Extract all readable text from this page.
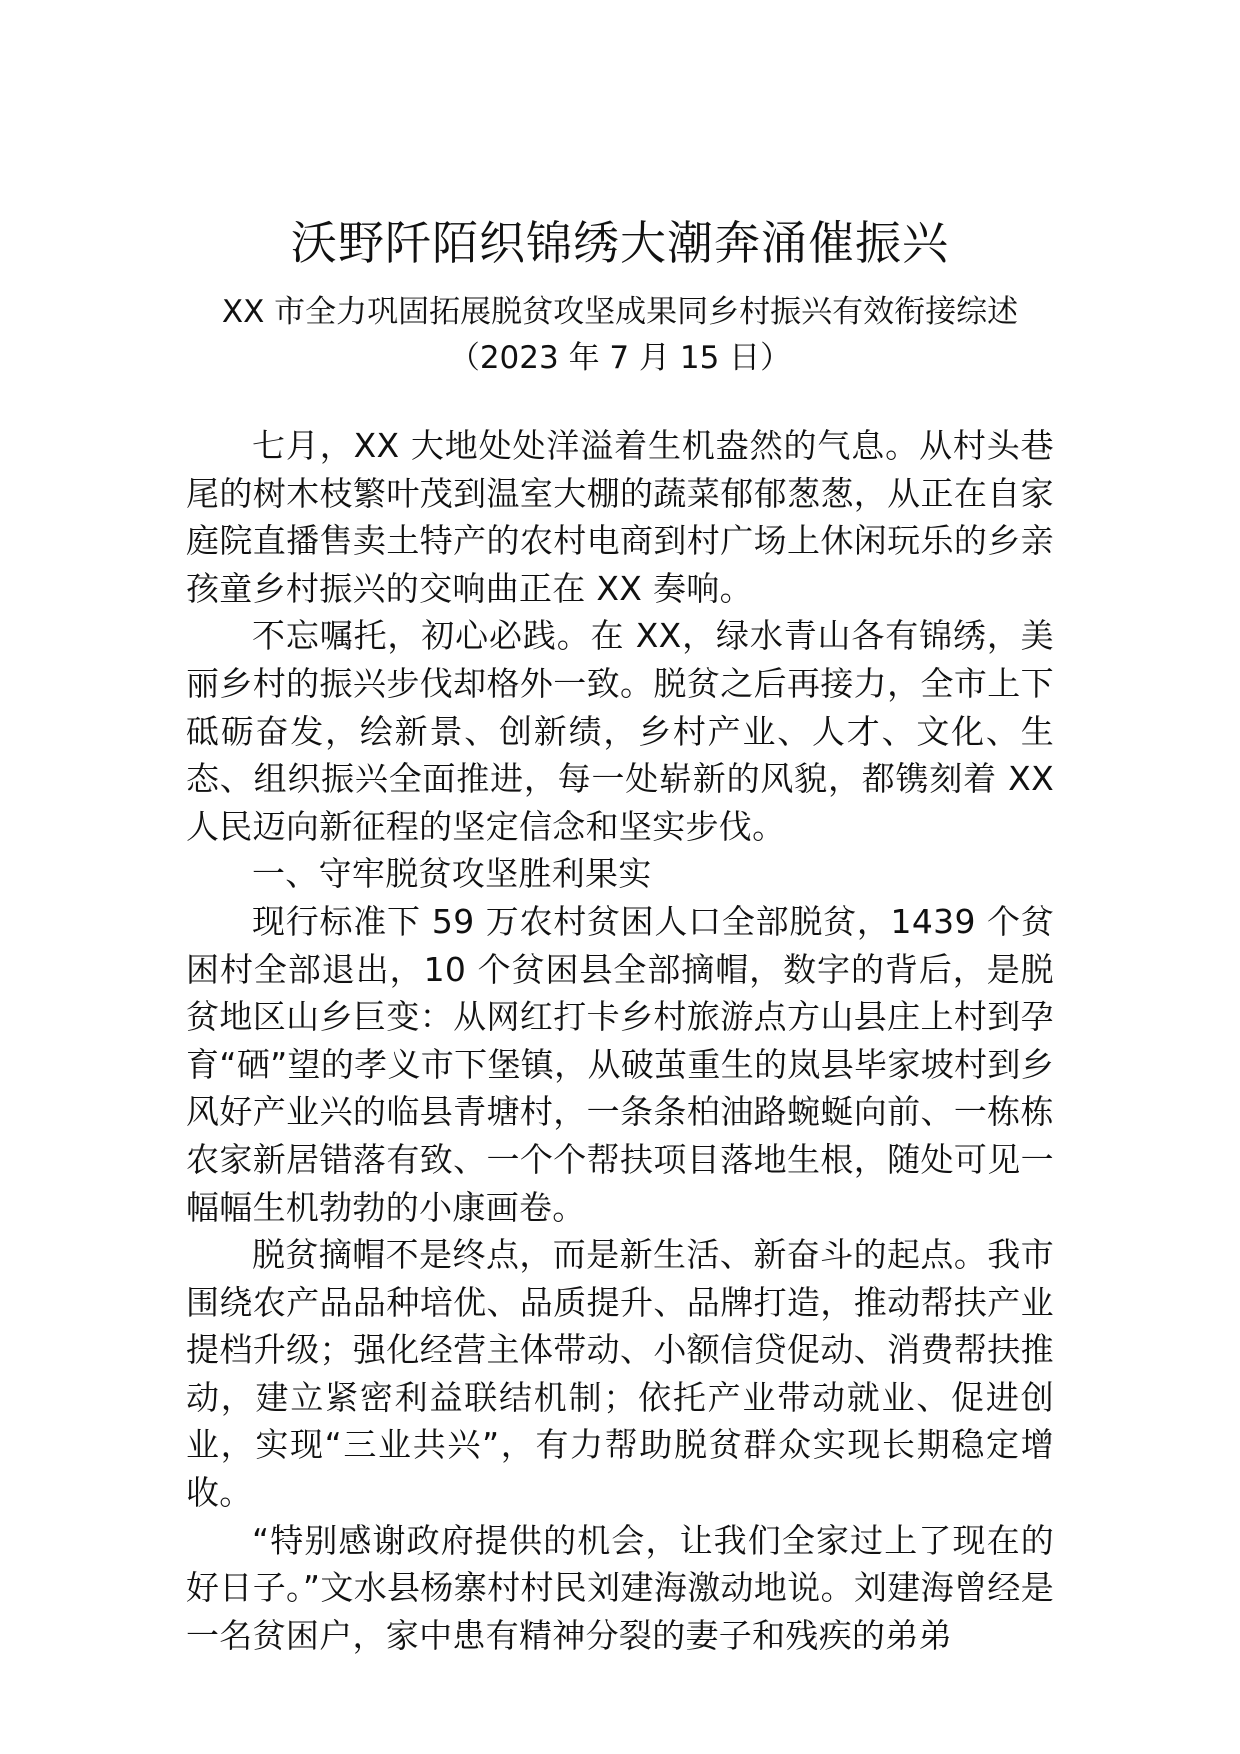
沃野阡陌织锦绣大潮奔涌催振兴
XX 市全力巩固拓展脱贫攻坚成果同乡村振兴有效衔接综述
（2023 年 7 月 15 日）

七月，XX 大地处处洋溢着生机盎然的气息。从村头巷尾的树木枝繁叶茂到温室大棚的蔬菜郁郁葱葱，从正在自家庭院直播售卖土特产的农村电商到村广场上休闲玩乐的乡亲孩童乡村振兴的交响曲正在 XX 奏响。

不忘嘱托，初心必践。在 XX，绿水青山各有锦绣，美丽乡村的振兴步伐却格外一致。脱贫之后再接力，全市上下砥砺奋发，绘新景、创新绩，乡村产业、人才、文化、生态、组织振兴全面推进，每一处崭新的风貌，都镌刻着 XX 人民迈向新征程的坚定信念和坚实步伐。

一、守牢脱贫攻坚胜利果实

现行标准下 59 万农村贫困人口全部脱贫，1439 个贫困村全部退出，10 个贫困县全部摘帽，数字的背后，是脱贫地区山乡巨变：从网红打卡乡村旅游点方山县庄上村到孕育“硒”望的孝义市下堡镇，从破茧重生的岚县毕家坡村到乡风好产业兴的临县青塘村，一条条柏油路蜿蜒向前、一栋栋农家新居错落有致、一个个帮扶项目落地生根，随处可见一幅幅生机勃勃的小康画卷。

脱贫摘帽不是终点，而是新生活、新奋斗的起点。我市围绕农产品品种培优、品质提升、品牌打造，推动帮扶产业提档升级；强化经营主体带动、小额信贷促动、消费帮扶推动，建立紧密利益联结机制；依托产业带动就业、促进创业，实现“三业共兴”，有力帮助脱贫群众实现长期稳定增收。

“特别感谢政府提供的机会，让我们全家过上了现在的好日子。”文水县杨寨村村民刘建海激动地说。刘建海曾经是一名贫困户，家中患有精神分裂的妻子和残疾的弟弟
